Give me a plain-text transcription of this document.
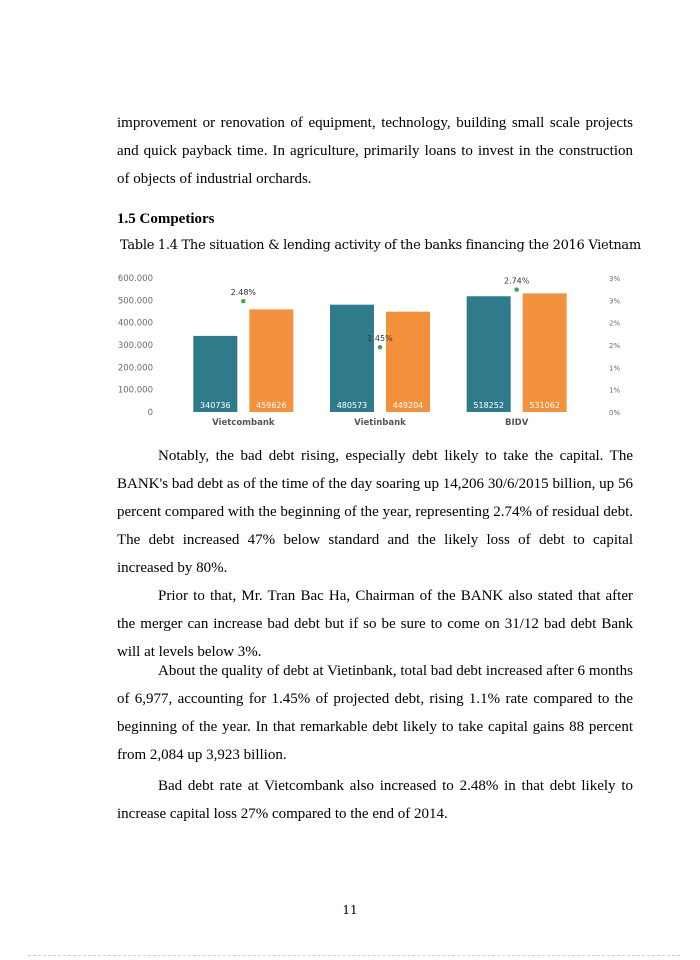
improvement or renovation of equipment, technology, building small scale projects and quick payback time. In agriculture, primarily loans to invest in the construction of objects of industrial orchards.

1.5 Competiors

Table 1.4 The situation & lending activity of the banks financing the 2016 Vietnam

0
100.000
200.000
300.000
400.000
500.000
600.000
0%
1%
1%
2%
2%
3%
3%
340736	459626	480573	449204	518252	531062
2.48%
1.45%
2.74%
Vietcombank	Vietinbank	BIDV

Notably, the bad debt rising, especially debt likely to take the capital. The BANK's bad debt as of the time of the day soaring up 14,206 30/6/2015 billion, up 56 percent compared with the beginning of the year, representing 2.74% of residual debt. The debt increased 47% below standard and the likely loss of debt to capital increased by 80%.

Prior to that, Mr. Tran Bac Ha, Chairman of the BANK also stated that after the merger can increase bad debt but if so be sure to come on 31/12 bad debt Bank will at levels below 3%.

About the quality of debt at Vietinbank, total bad debt increased after 6 months of 6,977, accounting for 1.45% of projected debt, rising 1.1% rate compared to the beginning of the year. In that remarkable debt likely to take capital gains 88 percent from 2,084 up 3,923 billion.

Bad debt rate at Vietcombank also increased to 2.48% in that debt likely to increase capital loss 27% compared to the end of 2014.

11
